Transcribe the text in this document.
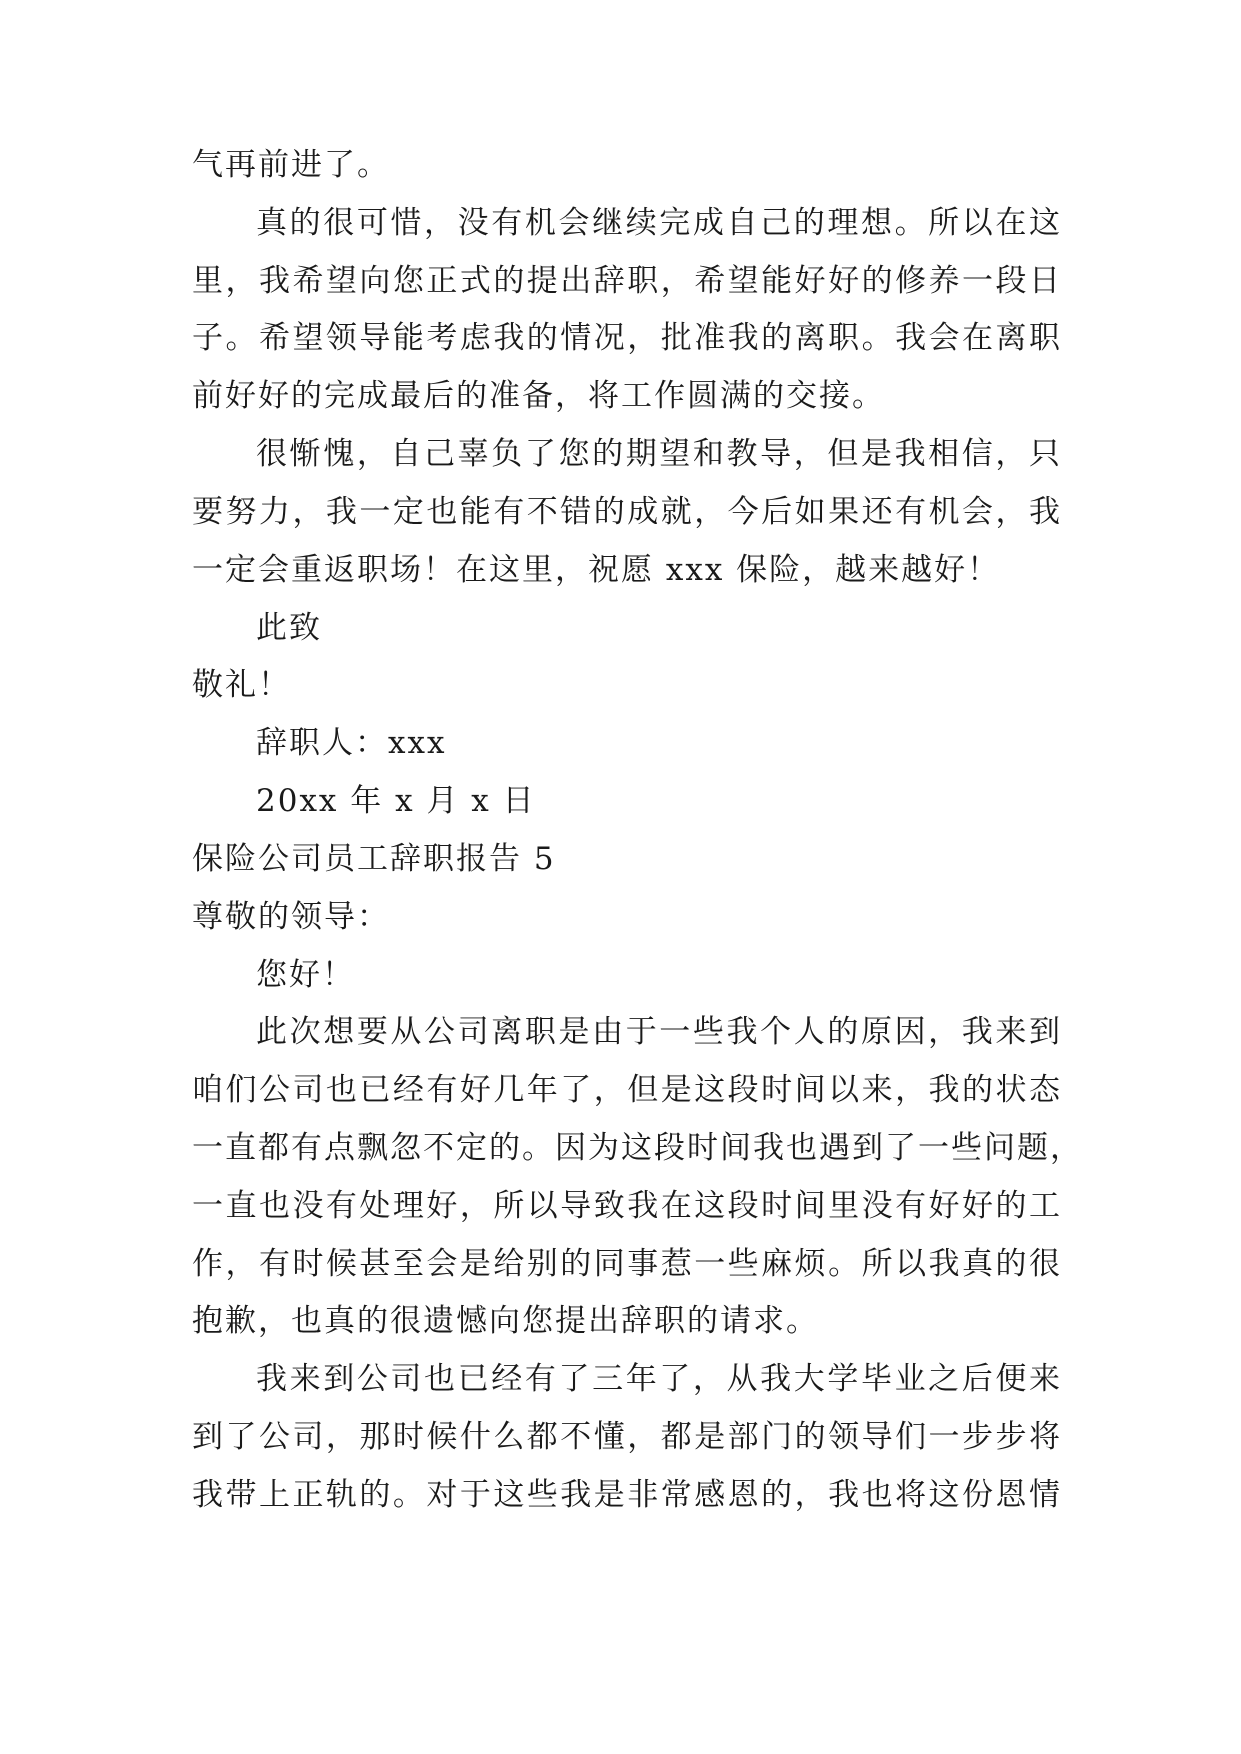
气再前进了。
真的很可惜，没有机会继续完成自己的理想。所以在这
里，我希望向您正式的提出辞职，希望能好好的修养一段日
子。希望领导能考虑我的情况，批准我的离职。我会在离职
前好好的完成最后的准备，将工作圆满的交接。
很惭愧，自己辜负了您的期望和教导，但是我相信，只
要努力，我一定也能有不错的成就，今后如果还有机会，我
一定会重返职场！在这里，祝愿 xxx 保险，越来越好！
此致
敬礼！
辞职人：xxx
20xx 年 x 月 x 日
保险公司员工辞职报告 5
尊敬的领导：
您好！
此次想要从公司离职是由于一些我个人的原因，我来到
咱们公司也已经有好几年了，但是这段时间以来，我的状态
一直都有点飘忽不定的。因为这段时间我也遇到了一些问题，
一直也没有处理好，所以导致我在这段时间里没有好好的工
作，有时候甚至会是给别的同事惹一些麻烦。所以我真的很
抱歉，也真的很遗憾向您提出辞职的请求。
我来到公司也已经有了三年了，从我大学毕业之后便来
到了公司，那时候什么都不懂，都是部门的领导们一步步将
我带上正轨的。对于这些我是非常感恩的，我也将这份恩情
